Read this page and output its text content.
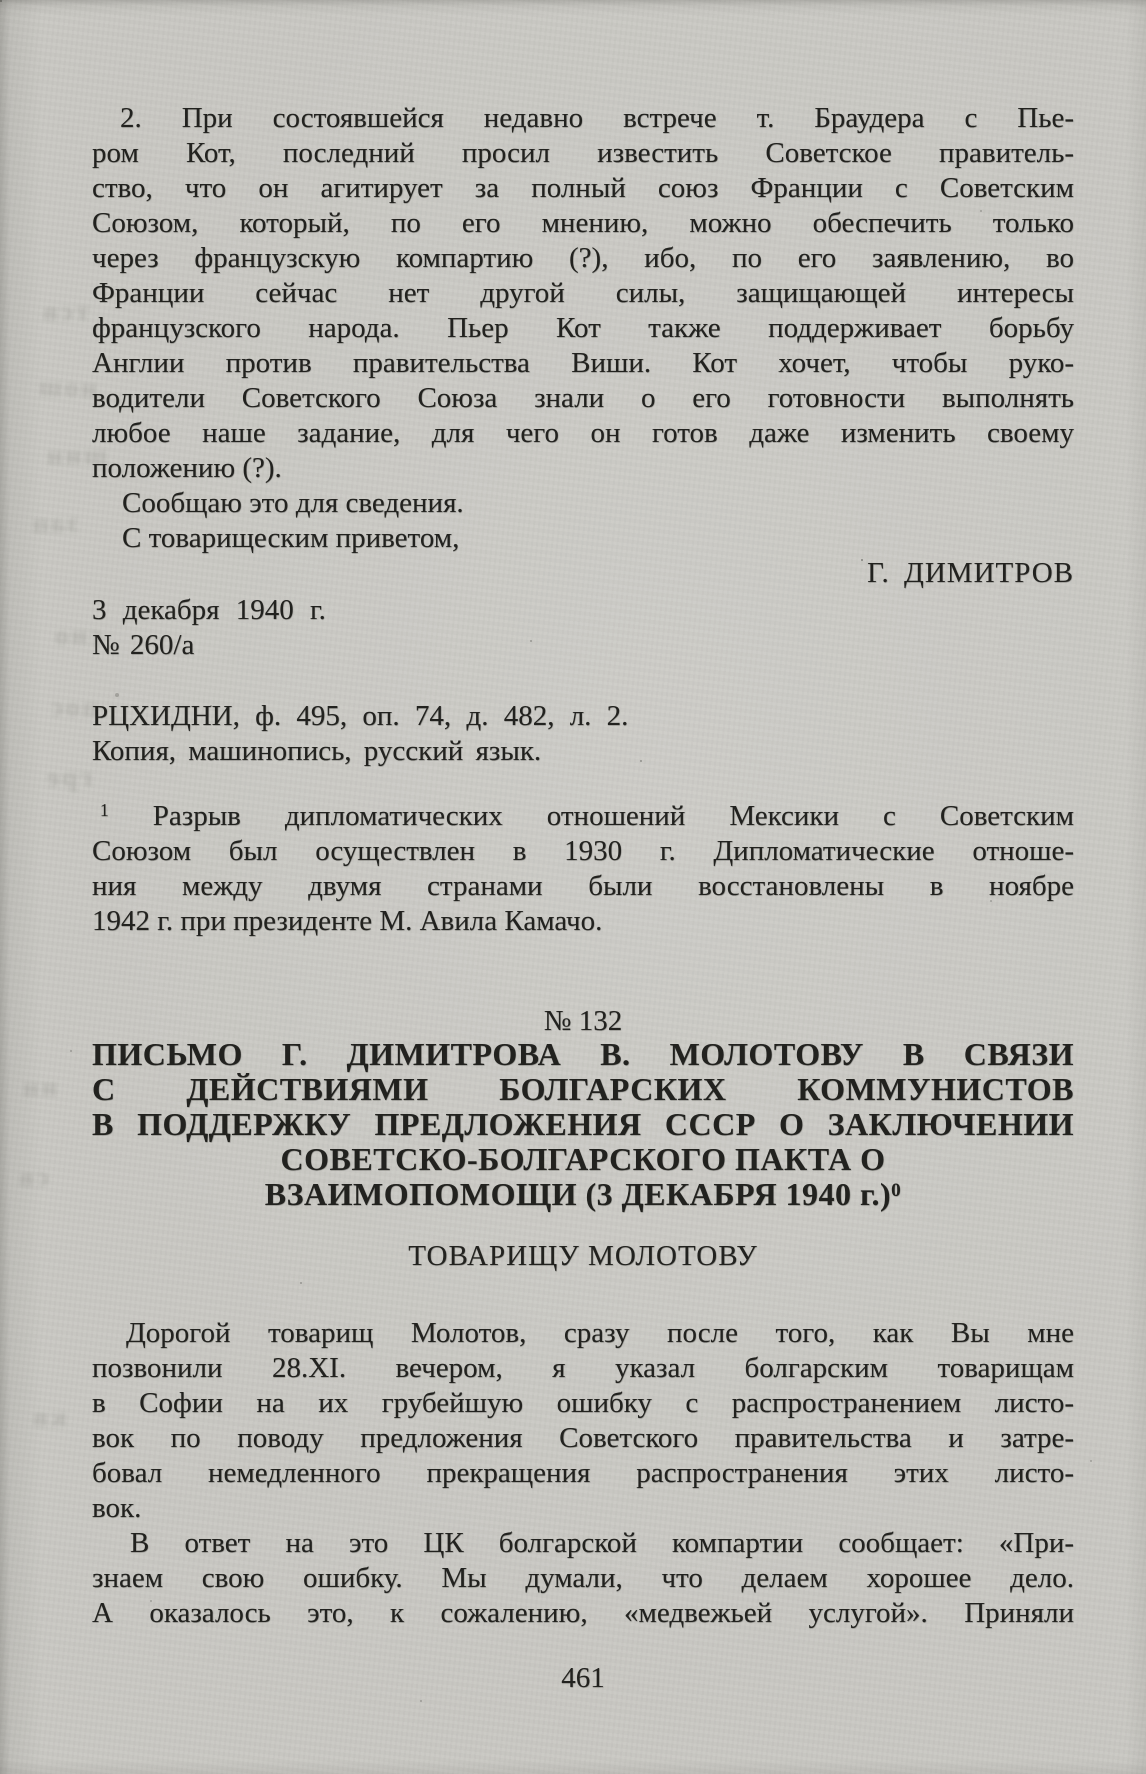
тсв
нош
шин
зап
сно
пос
гре
ин
св
кв
2. При состоявшейся недавно встрече т. Браудера с Пье-
ром Кот, последний просил известить Советское правитель-
ство, что он агитирует за полный союз Франции с Советским
Союзом, который, по его мнению, можно обеспечить только
через французскую компартию (?), ибо, по его заявлению, во
Франции сейчас нет другой силы, защищающей интересы
французского народа. Пьер Кот также поддерживает борьбу
Англии против правительства Виши. Кот хочет, чтобы руко-
водители Советского Союза знали о его готовности выполнять
любое наше задание, для чего он готов даже изменить своему
положению (?).
Сообщаю это для сведения.
С товарищеским приветом,
Г. ДИМИТРОВ
3 декабря 1940 г.
№ 260/а
РЦХИДНИ, ф. 495, оп. 74, д. 482, л. 2.
Копия, машинопись, русский язык.
$^1$ Разрыв дипломатических отношений Мексики с Советским
Союзом был осуществлен в 1930 г. Дипломатические отноше-
ния между двумя странами были восстановлены в ноябре
1942 г. при президенте М. Авила Камачо.
№ 132
ПИСЬМО Г. ДИМИТРОВА В. МОЛОТОВУ В СВЯЗИ
С ДЕЙСТВИЯМИ БОЛГАРСКИХ КОММУНИСТОВ
В ПОДДЕРЖКУ ПРЕДЛОЖЕНИЯ СССР О ЗАКЛЮЧЕНИИ
СОВЕТСКО-БОЛГАРСКОГО ПАКТА О
ВЗАИМОПОМОЩИ (3 ДЕКАБРЯ 1940 г.)$^0$
ТОВАРИЩУ МОЛОТОВУ
Дорогой товарищ Молотов, сразу после того, как Вы мне
позвонили 28.XI. вечером, я указал болгарским товарищам
в Софии на их грубейшую ошибку с распространением листо-
вок по поводу предложения Советского правительства и затре-
бовал немедленного прекращения распространения этих листо-
вок.
В ответ на это ЦК болгарской компартии сообщает: «При-
знаем свою ошибку. Мы думали, что делаем хорошее дело.
А оказалось это, к сожалению, «медвежьей услугой». Приняли
461
